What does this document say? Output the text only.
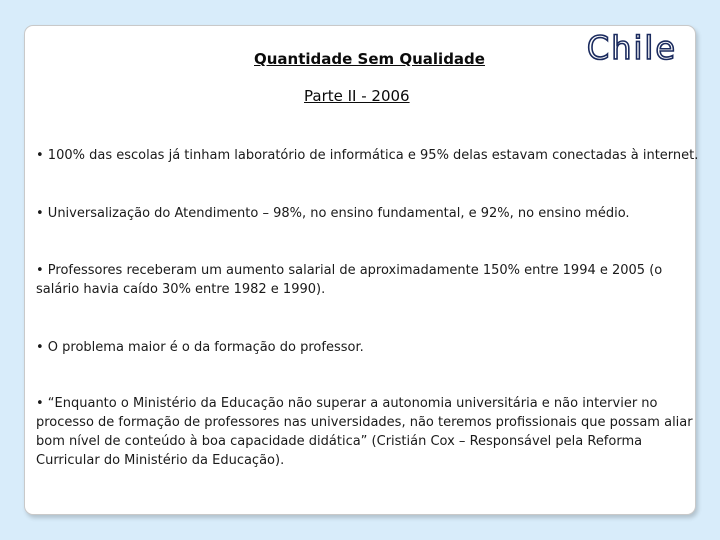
Chile
Quantidade Sem Qualidade
Parte II - 2006

• 100% das escolas já tinham laboratório de informática e 95% delas estavam conectadas à internet.

• Universalização do Atendimento – 98%, no ensino fundamental, e 92%, no ensino médio.

• Professores receberam um aumento salarial de aproximadamente 150% entre 1994 e 2005 (o salário havia caído 30% entre 1982 e 1990).

• O problema maior é o da formação do professor.

• “Enquanto o Ministério da Educação não superar a autonomia universitária e não intervier no processo de formação de professores nas universidades, não teremos profissionais que possam aliar bom nível de conteúdo à boa capacidade didática” (Cristián Cox – Responsável pela Reforma Curricular do Ministério da Educação).
